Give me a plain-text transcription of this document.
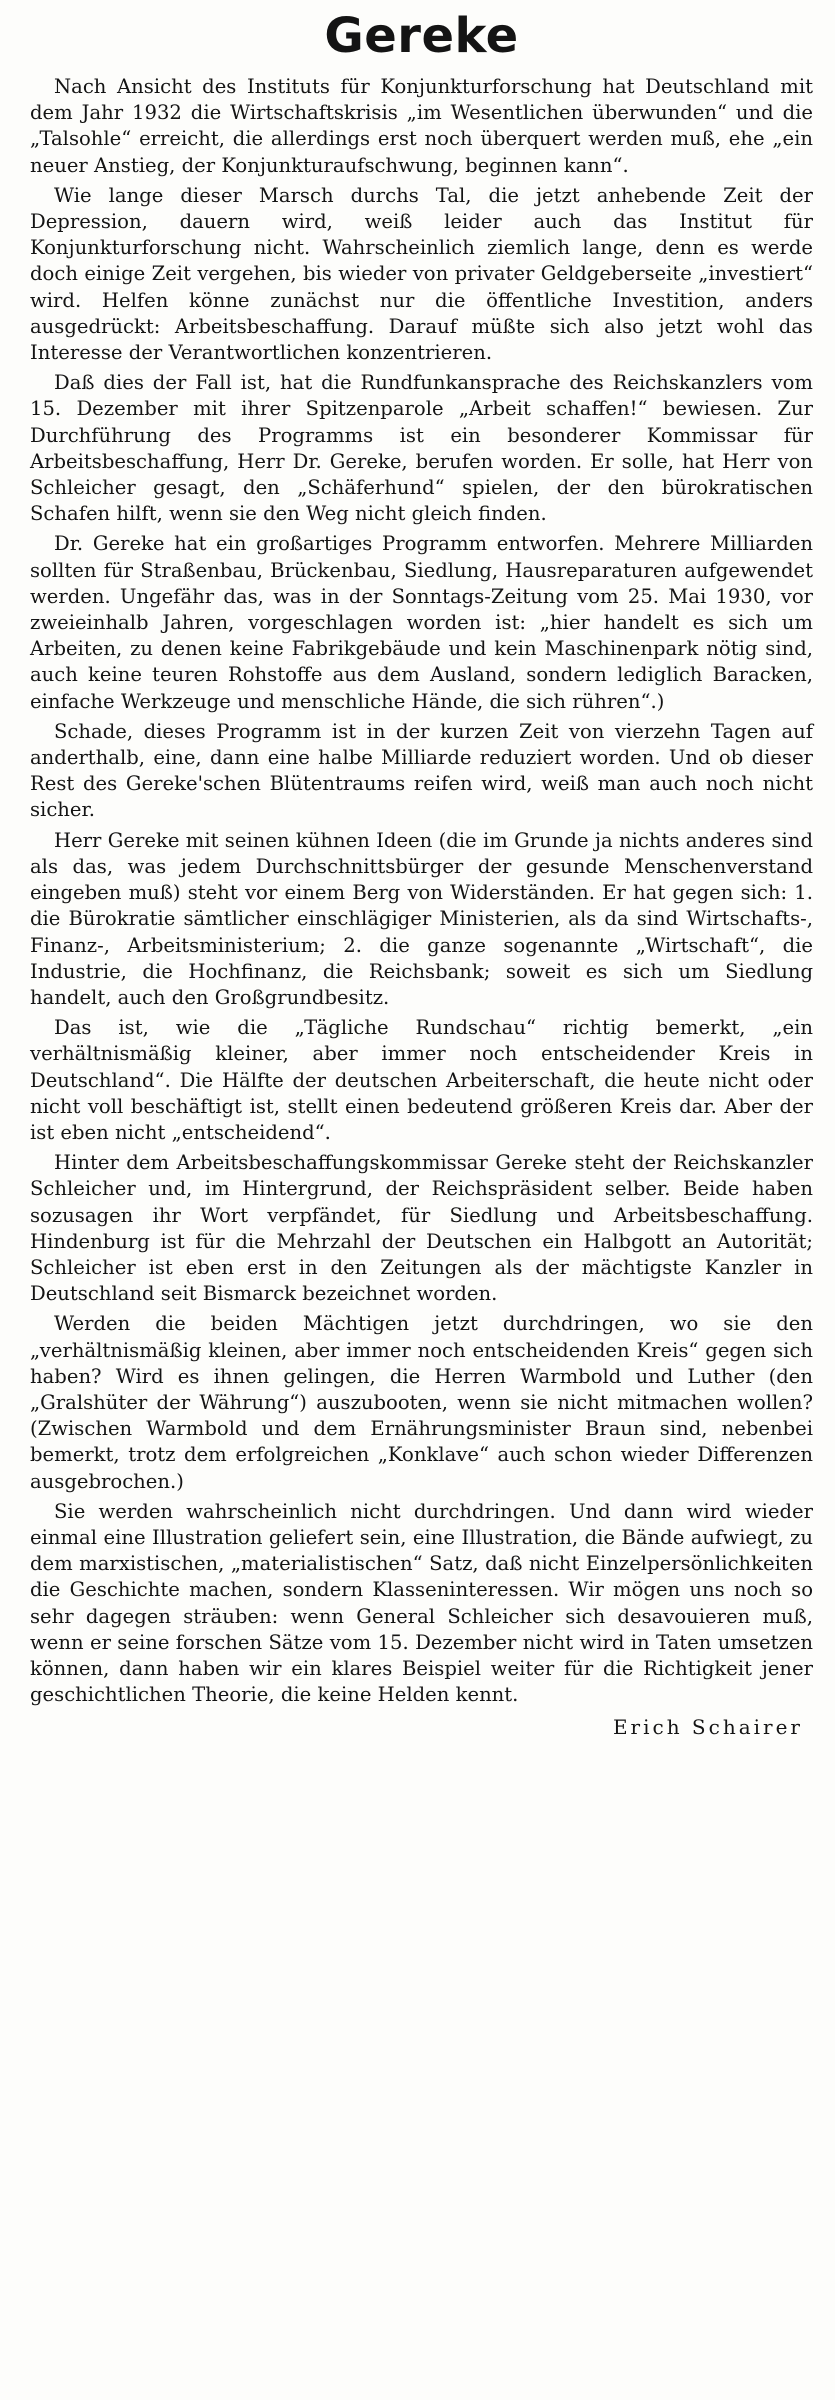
Gereke

Nach Ansicht des Instituts für Konjunkturforschung hat Deutschland mit dem Jahr 1932 die Wirtschaftskrisis „im Wesentlichen überwunden“ und die „Talsohle“ erreicht, die allerdings erst noch überquert werden muß, ehe „ein neuer Anstieg, der Konjunkturaufschwung, beginnen kann“.

Wie lange dieser Marsch durchs Tal, die jetzt anhebende Zeit der Depression, dauern wird, weiß leider auch das Institut für Konjunkturforschung nicht. Wahrscheinlich ziemlich lange, denn es werde doch einige Zeit vergehen, bis wieder von privater Geldgeberseite „investiert“ wird. Helfen könne zunächst nur die öffentliche Investition, anders ausgedrückt: Arbeitsbeschaffung. Darauf müßte sich also jetzt wohl das Interesse der Verantwortlichen konzentrieren.

Daß dies der Fall ist, hat die Rundfunkansprache des Reichskanzlers vom 15. Dezember mit ihrer Spitzenparole „Arbeit schaffen!“ bewiesen. Zur Durchführung des Programms ist ein besonderer Kommissar für Arbeitsbeschaffung, Herr Dr. Gereke, berufen worden. Er solle, hat Herr von Schleicher gesagt, den „Schäferhund“ spielen, der den bürokratischen Schafen hilft, wenn sie den Weg nicht gleich finden.

Dr. Gereke hat ein großartiges Programm entworfen. Mehrere Milliarden sollten für Straßenbau, Brückenbau, Siedlung, Hausreparaturen aufgewendet werden. Ungefähr das, was in der Sonntags-Zeitung vom 25. Mai 1930, vor zweieinhalb Jahren, vorgeschlagen worden ist: „hier handelt es sich um Arbeiten, zu denen keine Fabrikgebäude und kein Maschinenpark nötig sind, auch keine teuren Rohstoffe aus dem Ausland, sondern lediglich Baracken, einfache Werkzeuge und menschliche Hände, die sich rühren“.)

Schade, dieses Programm ist in der kurzen Zeit von vierzehn Tagen auf anderthalb, eine, dann eine halbe Milliarde reduziert worden. Und ob dieser Rest des Gereke'schen Blütentraums reifen wird, weiß man auch noch nicht sicher.

Herr Gereke mit seinen kühnen Ideen (die im Grunde ja nichts anderes sind als das, was jedem Durchschnittsbürger der gesunde Menschenverstand eingeben muß) steht vor einem Berg von Widerständen. Er hat gegen sich: 1. die Bürokratie sämtlicher einschlägiger Ministerien, als da sind Wirtschafts-, Finanz-, Arbeitsministerium; 2. die ganze sogenannte „Wirtschaft“, die Industrie, die Hochfinanz, die Reichsbank; soweit es sich um Siedlung handelt, auch den Großgrundbesitz.

Das ist, wie die „Tägliche Rundschau“ richtig bemerkt, „ein verhältnismäßig kleiner, aber immer noch entscheidender Kreis in Deutschland“. Die Hälfte der deutschen Arbeiterschaft, die heute nicht oder nicht voll beschäftigt ist, stellt einen bedeutend größeren Kreis dar. Aber der ist eben nicht „entscheidend“.

Hinter dem Arbeitsbeschaffungskommissar Gereke steht der Reichskanzler Schleicher und, im Hintergrund, der Reichspräsident selber. Beide haben sozusagen ihr Wort verpfändet, für Siedlung und Arbeitsbeschaffung. Hindenburg ist für die Mehrzahl der Deutschen ein Halbgott an Autorität; Schleicher ist eben erst in den Zeitungen als der mächtigste Kanzler in Deutschland seit Bismarck bezeichnet worden.

Werden die beiden Mächtigen jetzt durchdringen, wo sie den „verhältnismäßig kleinen, aber immer noch entscheidenden Kreis“ gegen sich haben? Wird es ihnen gelingen, die Herren Warmbold und Luther (den „Gralshüter der Währung“) auszubooten, wenn sie nicht mitmachen wollen? (Zwischen Warmbold und dem Ernährungsminister Braun sind, nebenbei bemerkt, trotz dem erfolgreichen „Konklave“ auch schon wieder Differenzen ausgebrochen.)

Sie werden wahrscheinlich nicht durchdringen. Und dann wird wieder einmal eine Illustration geliefert sein, eine Illustration, die Bände aufwiegt, zu dem marxistischen, „materialistischen“ Satz, daß nicht Einzelpersönlichkeiten die Geschichte machen, sondern Klasseninteressen. Wir mögen uns noch so sehr dagegen sträuben: wenn General Schleicher sich desavouieren muß, wenn er seine forschen Sätze vom 15. Dezember nicht wird in Taten umsetzen können, dann haben wir ein klares Beispiel weiter für die Richtigkeit jener geschichtlichen Theorie, die keine Helden kennt.

Erich Schairer
